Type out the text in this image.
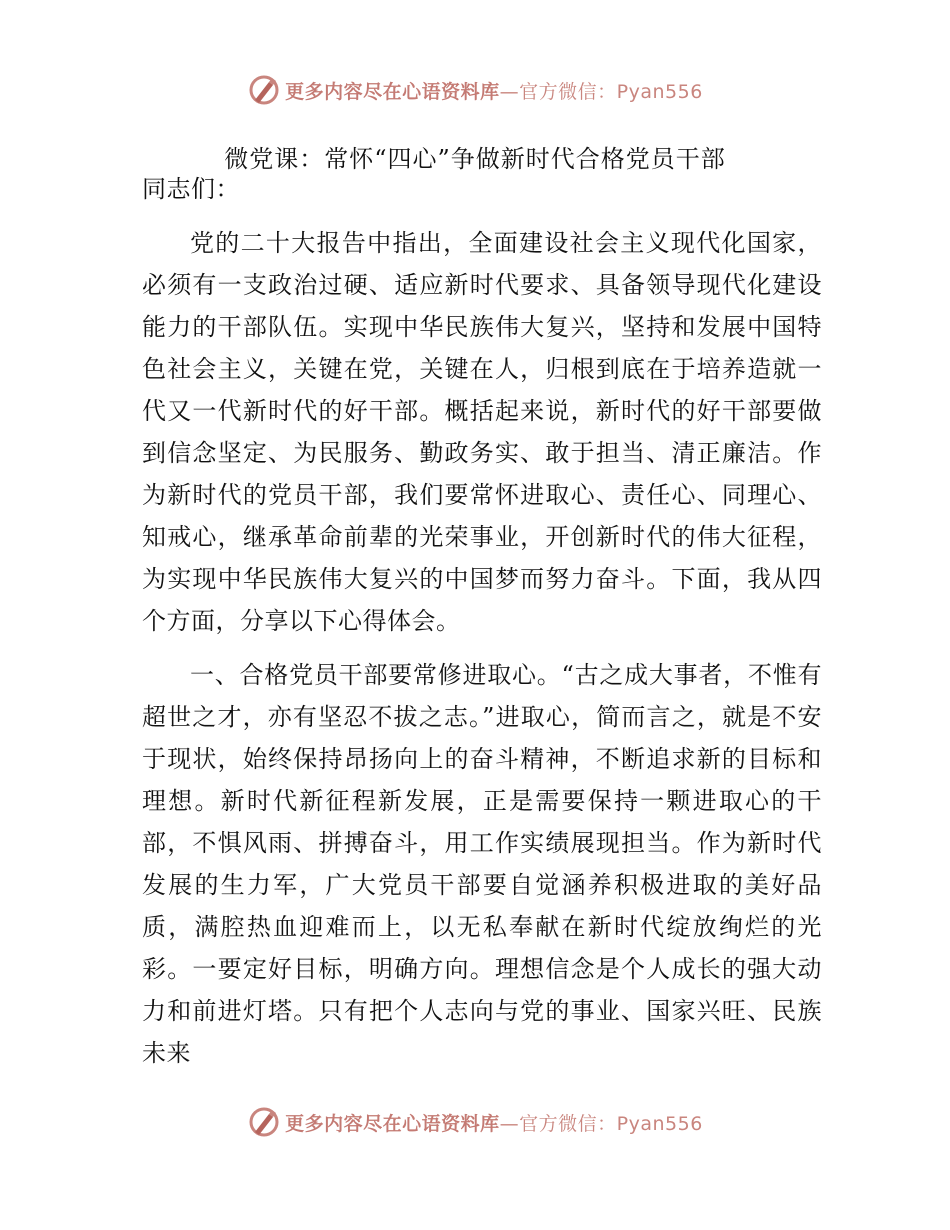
更多内容尽在心语资料库—官方微信：Pyan556
微党课：常怀“四心”争做新时代合格党员干部

同志们：

党的二十大报告中指出，全面建设社会主义现代化国家，必须有一支政治过硬、适应新时代要求、具备领导现代化建设能力的干部队伍。实现中华民族伟大复兴，坚持和发展中国特色社会主义，关键在党，关键在人，归根到底在于培养造就一代又一代新时代的好干部。概括起来说，新时代的好干部要做到信念坚定、为民服务、勤政务实、敢于担当、清正廉洁。作为新时代的党员干部，我们要常怀进取心、责任心、同理心、知戒心，继承革命前辈的光荣事业，开创新时代的伟大征程，为实现中华民族伟大复兴的中国梦而努力奋斗。下面，我从四个方面，分享以下心得体会。

一、合格党员干部要常修进取心。“古之成大事者，不惟有超世之才，亦有坚忍不拔之志。”进取心，简而言之，就是不安于现状，始终保持昂扬向上的奋斗精神，不断追求新的目标和理想。新时代新征程新发展，正是需要保持一颗进取心的干部，不惧风雨、拼搏奋斗，用工作实绩展现担当。作为新时代发展的生力军，广大党员干部要自觉涵养积极进取的美好品质，满腔热血迎难而上，以无私奉献在新时代绽放绚烂的光彩。一要定好目标，明确方向。理想信念是个人成长的强大动力和前进灯塔。只有把个人志向与党的事业、国家兴旺、民族未来

更多内容尽在心语资料库—官方微信：Pyan556
